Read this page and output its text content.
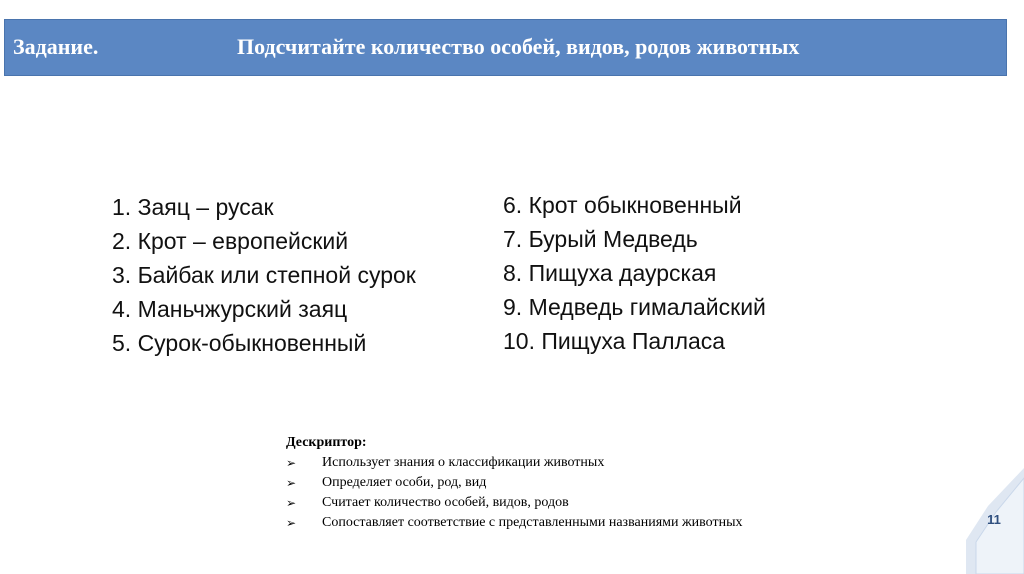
Задание.	Подсчитайте количество особей, видов, родов животных
1. Заяц – русак
2. Крот – европейский
3. Байбак или степной сурок
4. Маньчжурский заяц
5. Сурок-обыкновенный
6. Крот обыкновенный
7. Бурый Медведь
8. Пищуха даурская
9. Медведь гималайский
10. Пищуха Палласа
Дескриптор:
➢ Использует знания о классификации животных
➢ Определяет особи, род, вид
➢ Считает количество особей, видов, родов
➢ Сопоставляет соответствие с представленными названиями животных	11
